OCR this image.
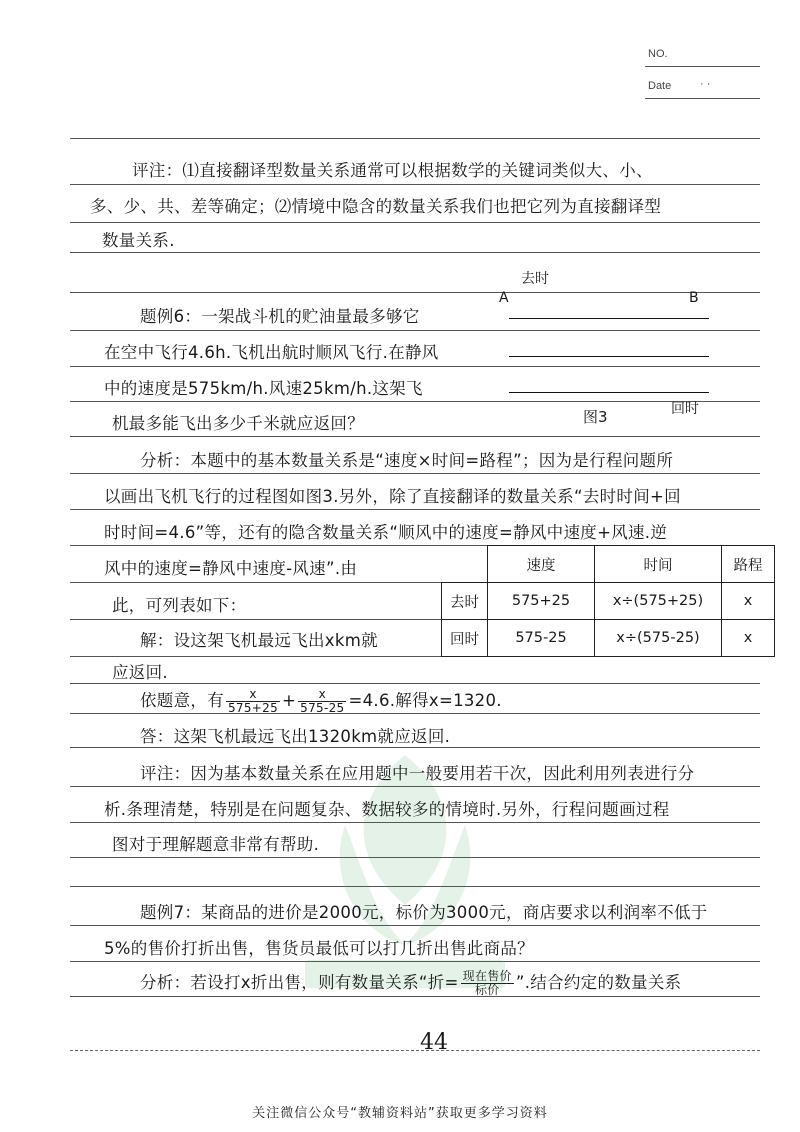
NO.
Date	· ·
评注：⑴直接翻译型数量关系通常可以根据数学的关键词类似大、小、
多、少、共、差等确定；⑵情境中隐含的数量关系我们也把它列为直接翻译型
数量关系.
题例6：一架战斗机的贮油量最多够它
在空中飞行4.6h.飞机出航时顺风飞行.在静风
中的速度是575km/h.风速25km/h.这架飞
机最多能飞出多少千米就应返回？
去时
A	B
回时
图3
分析：本题中的基本数量关系是“速度×时间=路程”；因为是行程问题所
以画出飞机飞行的过程图如图3.另外，除了直接翻译的数量关系“去时时间+回
时时间=4.6”等，还有的隐含数量关系“顺风中的速度=静风中速度+风速.逆
风中的速度=静风中速度-风速”.由
此，可列表如下：
解：设这架飞机最远飞出xkm就
应返回.
	速度	时间	路程
去时	575+25	x÷(575+25)	x
回时	575-25	x÷(575-25)	x
依题意，有 $\frac{x}{575+25} + \frac{x}{575-25} =4.6$.解得x=1320.
答：这架飞机最远飞出1320km就应返回.
评注：因为基本数量关系在应用题中一般要用若干次，因此利用列表进行分
析.条理清楚，特别是在问题复杂、数据较多的情境时.另外，行程问题画过程
图对于理解题意非常有帮助.
题例7：某商品的进价是2000元，标价为3000元，商店要求以利润率不低于
5%的售价打折出售，售货员最低可以打几折出售此商品？
分析：若设打x折出售，则有数量关系“折= $\frac{\text{现在售价}}{\text{标价}}$ ”.结合约定的数量关系
44
关注微信公众号“教辅资料站”获取更多学习资料
